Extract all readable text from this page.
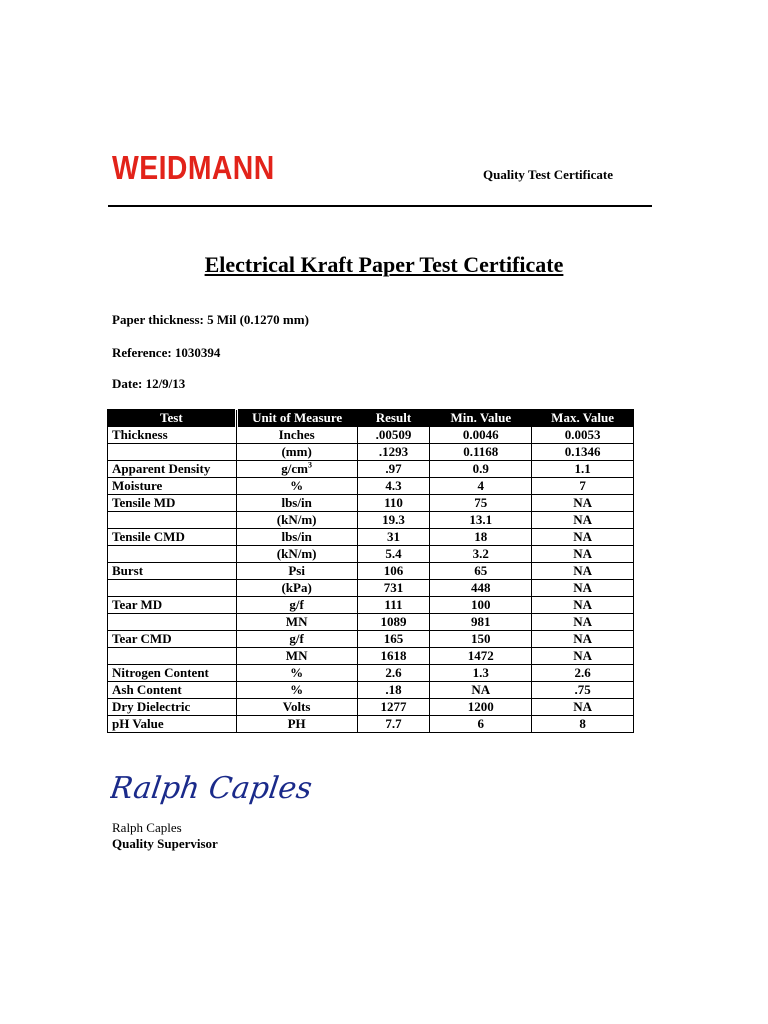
WEIDMANN	Quality Test Certificate
Electrical Kraft Paper Test Certificate
Paper thickness: 5 Mil (0.1270 mm)
Reference: 1030394
Date: 12/9/13
Test	Unit of Measure	Result	Min. Value	Max. Value
Thickness	Inches	.00509	0.0046	0.0053
	(mm)	.1293	0.1168	0.1346
Apparent Density	$g/cm^3$	.97	0.9	1.1
Moisture	%	4.3	4	7
Tensile MD	lbs/in	110	75	NA
	(kN/m)	19.3	13.1	NA
Tensile CMD	lbs/in	31	18	NA
	(kN/m)	5.4	3.2	NA
Burst	Psi	106	65	NA
	(kPa)	731	448	NA
Tear MD	g/f	111	100	NA
	MN	1089	981	NA
Tear CMD	g/f	165	150	NA
	MN	1618	1472	NA
Nitrogen Content	%	2.6	1.3	2.6
Ash Content	%	.18	NA	.75
Dry Dielectric	Volts	1277	1200	NA
pH Value	PH	7.7	6	8
Ralph Caples
Ralph Caples
Quality Supervisor
